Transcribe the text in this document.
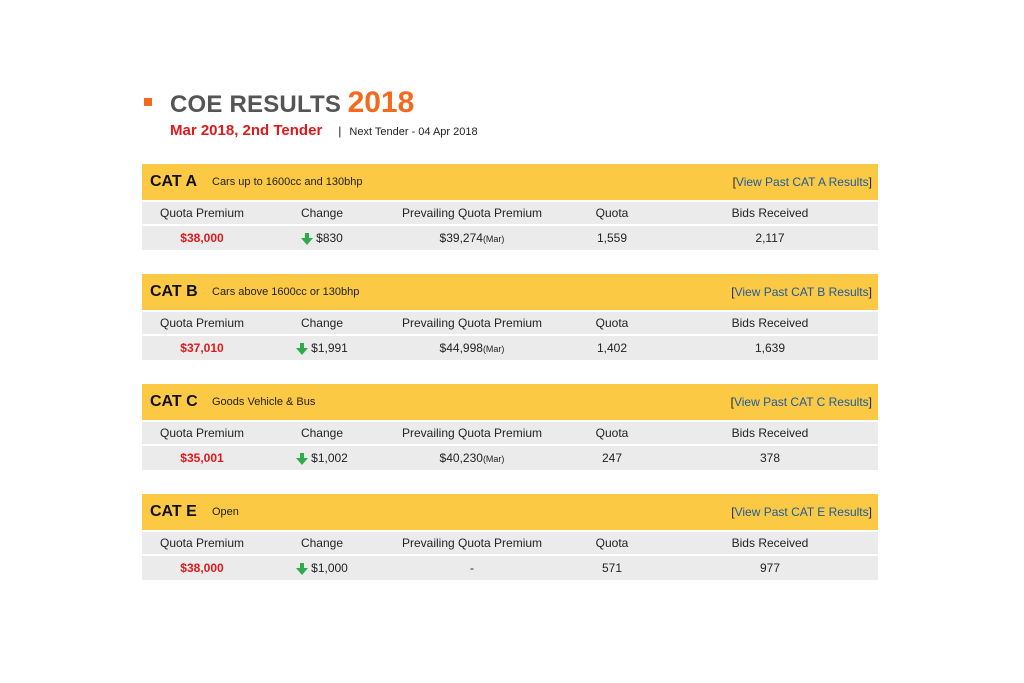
COE RESULTS 2018
Mar 2018, 2nd Tender | Next Tender - 04 Apr 2018
CAT A	Cars up to 1600cc and 130bhp	[View Past CAT A Results]
Quota Premium	Change	Prevailing Quota Premium	Quota	Bids Received
$38,000	$830	$39,274(Mar)	1,559	2,117
CAT B	Cars above 1600cc or 130bhp	[View Past CAT B Results]
Quota Premium	Change	Prevailing Quota Premium	Quota	Bids Received
$37,010	$1,991	$44,998(Mar)	1,402	1,639
CAT C	Goods Vehicle & Bus	[View Past CAT C Results]
Quota Premium	Change	Prevailing Quota Premium	Quota	Bids Received
$35,001	$1,002	$40,230(Mar)	247	378
CAT E	Open	[View Past CAT E Results]
Quota Premium	Change	Prevailing Quota Premium	Quota	Bids Received
$38,000	$1,000	-	571	977
